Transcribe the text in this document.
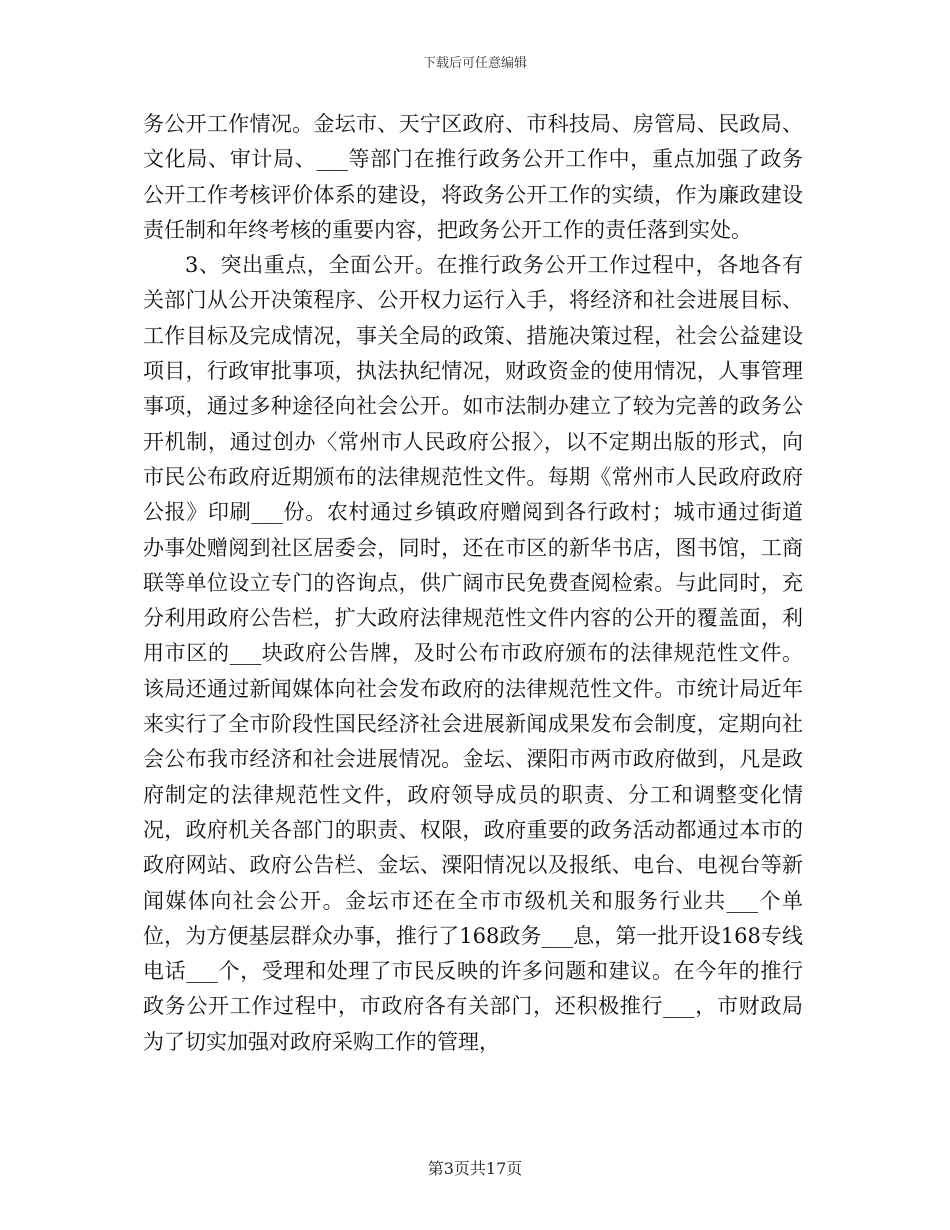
下载后可任意编辑

务公开工作情况。金坛市、天宁区政府、市科技局、房管局、民政局、文化局、审计局、___等部门在推行政务公开工作中，重点加强了政务公开工作考核评价体系的建设，将政务公开工作的实绩，作为廉政建设责任制和年终考核的重要内容，把政务公开工作的责任落到实处。

3、突出重点，全面公开。在推行政务公开工作过程中，各地各有关部门从公开决策程序、公开权力运行入手，将经济和社会进展目标、工作目标及完成情况，事关全局的政策、措施决策过程，社会公益建设项目，行政审批事项，执法执纪情况，财政资金的使用情况，人事管理事项，通过多种途径向社会公开。如市法制办建立了较为完善的政务公开机制，通过创办〈常州市人民政府公报〉，以不定期出版的形式，向市民公布政府近期颁布的法律规范性文件。每期《常州市人民政府政府公报》印刷___份。农村通过乡镇政府赠阅到各行政村；城市通过街道办事处赠阅到社区居委会，同时，还在市区的新华书店，图书馆，工商联等单位设立专门的咨询点，供广阔市民免费查阅检索。与此同时，充分利用政府公告栏，扩大政府法律规范性文件内容的公开的覆盖面，利用市区的___块政府公告牌，及时公布市政府颁布的法律规范性文件。该局还通过新闻媒体向社会发布政府的法律规范性文件。市统计局近年来实行了全市阶段性国民经济社会进展新闻成果发布会制度，定期向社会公布我市经济和社会进展情况。金坛、溧阳市两市政府做到，凡是政府制定的法律规范性文件，政府领导成员的职责、分工和调整变化情况，政府机关各部门的职责、权限，政府重要的政务活动都通过本市的政府网站、政府公告栏、金坛、溧阳情况以及报纸、电台、电视台等新闻媒体向社会公开。金坛市还在全市市级机关和服务行业共___个单位，为方便基层群众办事，推行了168政务___息，第一批开设168专线电话___个，受理和处理了市民反映的许多问题和建议。在今年的推行政务公开工作过程中，市政府各有关部门，还积极推行___，市财政局为了切实加强对政府采购工作的管理，

第3页共17页
